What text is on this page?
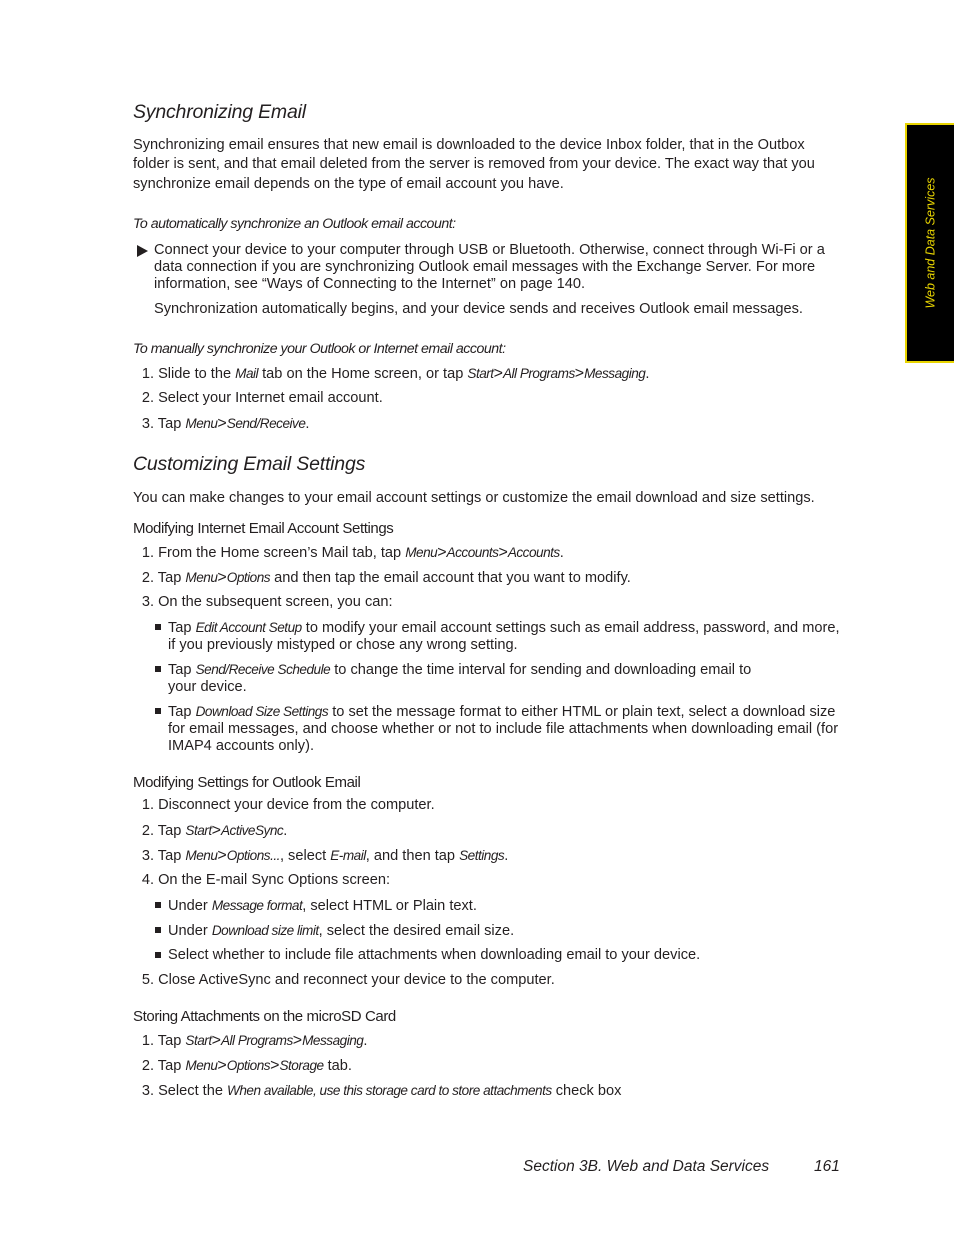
Web and Data Services
Synchronizing Email
Synchronizing email ensures that new email is downloaded to the device Inbox folder, that in the Outbox folder is sent, and that email deleted from the server is removed from your device. The exact way that you synchronize email depends on the type of email account you have.
To automatically synchronize an Outlook email account:
Connect your device to your computer through USB or Bluetooth. Otherwise, connect through Wi-Fi or a data connection if you are synchronizing Outlook email messages with the Exchange Server. For more information, see “Ways of Connecting to the Internet” on page 140.
Synchronization automatically begins, and your device sends and receives Outlook email messages.
To manually synchronize your Outlook or Internet email account:
1. Slide to the Mail tab on the Home screen, or tap Start>All Programs>Messaging.
2. Select your Internet email account.
3. Tap Menu>Send/Receive.
Customizing Email Settings
You can make changes to your email account settings or customize the email download and size settings.
Modifying Internet Email Account Settings
1. From the Home screen’s Mail tab, tap Menu>Accounts>Accounts.
2. Tap Menu>Options and then tap the email account that you want to modify.
3. On the subsequent screen, you can:
Tap Edit Account Setup to modify your email account settings such as email address, password, and more, if you previously mistyped or chose any wrong setting.
Tap Send/Receive Schedule to change the time interval for sending and downloading email to your device.
Tap Download Size Settings to set the message format to either HTML or plain text, select a download size for email messages, and choose whether or not to include file attachments when downloading email (for IMAP4 accounts only).
Modifying Settings for Outlook Email
1. Disconnect your device from the computer.
2. Tap Start>ActiveSync.
3. Tap Menu>Options..., select E-mail, and then tap Settings.
4. On the E-mail Sync Options screen:
Under Message format, select HTML or Plain text.
Under Download size limit, select the desired email size.
Select whether to include file attachments when downloading email to your device.
5. Close ActiveSync and reconnect your device to the computer.
Storing Attachments on the microSD Card
1. Tap Start>All Programs>Messaging.
2. Tap Menu>Options>Storage tab.
3. Select the When available, use this storage card to store attachments check box
Section 3B. Web and Data Services	161
